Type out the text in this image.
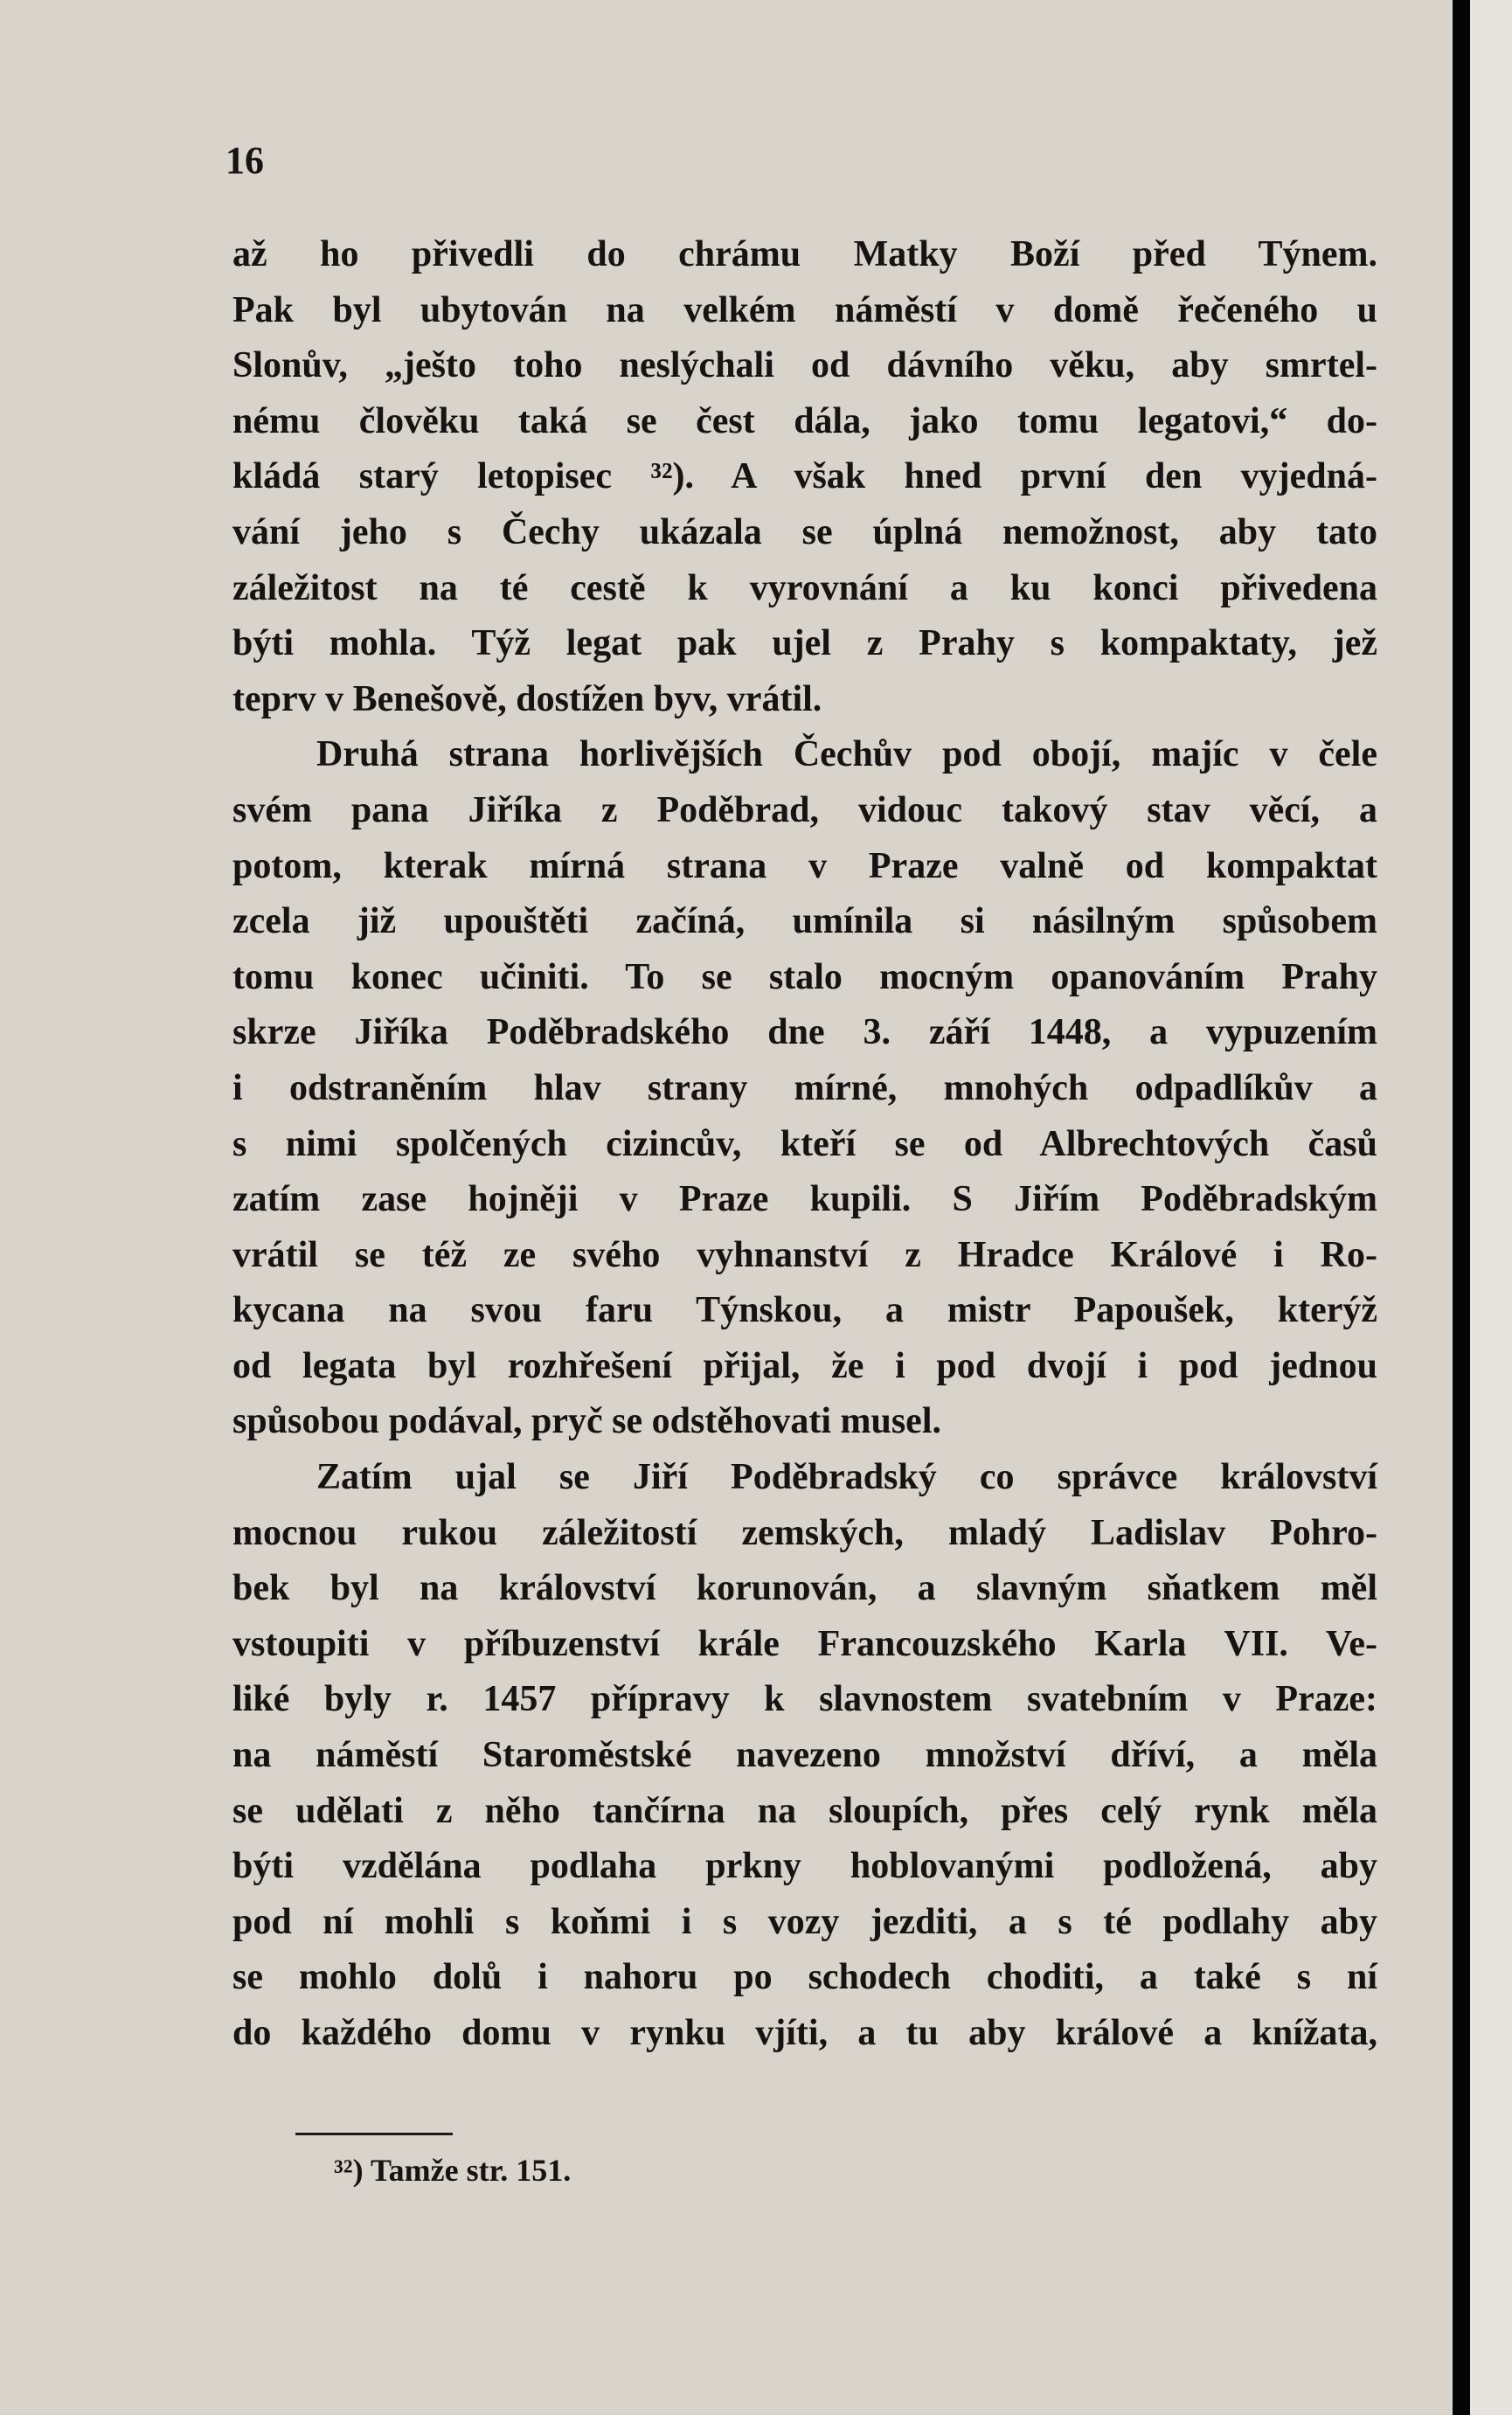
16

až ho přivedli do chrámu Matky Boží před Týnem.
Pak byl ubytován na velkém náměstí v domě řečeného u
Slonův, „ješto toho neslýchali od dávního věku, aby smrtel-
nému člověku taká se čest dála, jako tomu legatovi,“ do-
kládá starý letopisec ³²). A však hned první den vyjedná-
vání jeho s Čechy ukázala se úplná nemožnost, aby tato
záležitost na té cestě k vyrovnání a ku konci přivedena
býti mohla. Týž legat pak ujel z Prahy s kompaktaty, jež
teprv v Benešově, dostížen byv, vrátil.
Druhá strana horlivějších Čechův pod obojí, majíc v čele
svém pana Jiříka z Poděbrad, vidouc takový stav věcí, a
potom, kterak mírná strana v Praze valně od kompaktat
zcela již upouštěti začíná, umínila si násilným spůsobem
tomu konec učiniti. To se stalo mocným opanováním Prahy
skrze Jiříka Poděbradského dne 3. září 1448, a vypuzením
i odstraněním hlav strany mírné, mnohých odpadlíkův a
s nimi spolčených cizincův, kteří se od Albrechtových časů
zatím zase hojněji v Praze kupili. S Jiřím Poděbradským
vrátil se též ze svého vyhnanství z Hradce Králové i Ro-
kycana na svou faru Týnskou, a mistr Papoušek, kterýž
od legata byl rozhřešení přijal, že i pod dvojí i pod jednou
spůsobou podával, pryč se odstěhovati musel.
Zatím ujal se Jiří Poděbradský co správce království
mocnou rukou záležitostí zemských, mladý Ladislav Pohro-
bek byl na království korunován, a slavným sňatkem měl
vstoupiti v příbuzenství krále Francouzského Karla VII. Ve-
liké byly r. 1457 přípravy k slavnostem svatebním v Praze:
na náměstí Staroměstské navezeno množství dříví, a měla
se udělati z něho tančírna na sloupích, přes celý rynk měla
býti vzdělána podlaha prkny hoblovanými podložená, aby
pod ní mohli s koňmi i s vozy jezditi, a s té podlahy aby
se mohlo dolů i nahoru po schodech choditi, a také s ní
do každého domu v rynku vjíti, a tu aby králové a knížata,

³²) Tamže str. 151.
